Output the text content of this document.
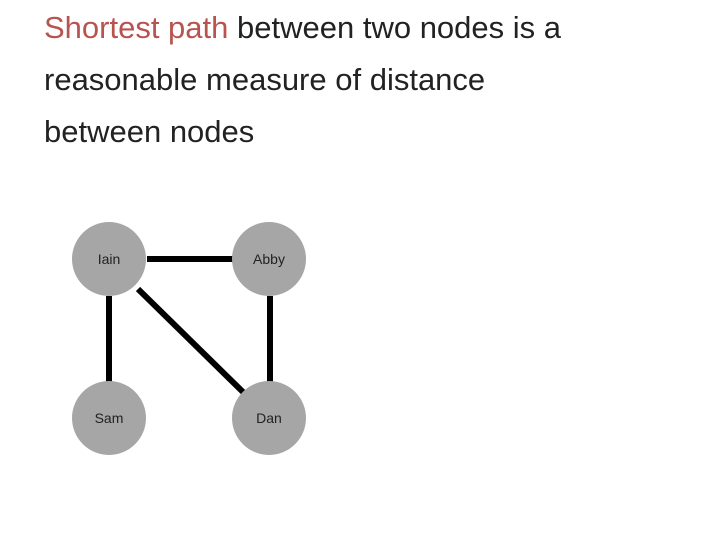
Shortest path between two nodes is a
reasonable measure of distance
between nodes
Iain	Abby
Sam	Dan
